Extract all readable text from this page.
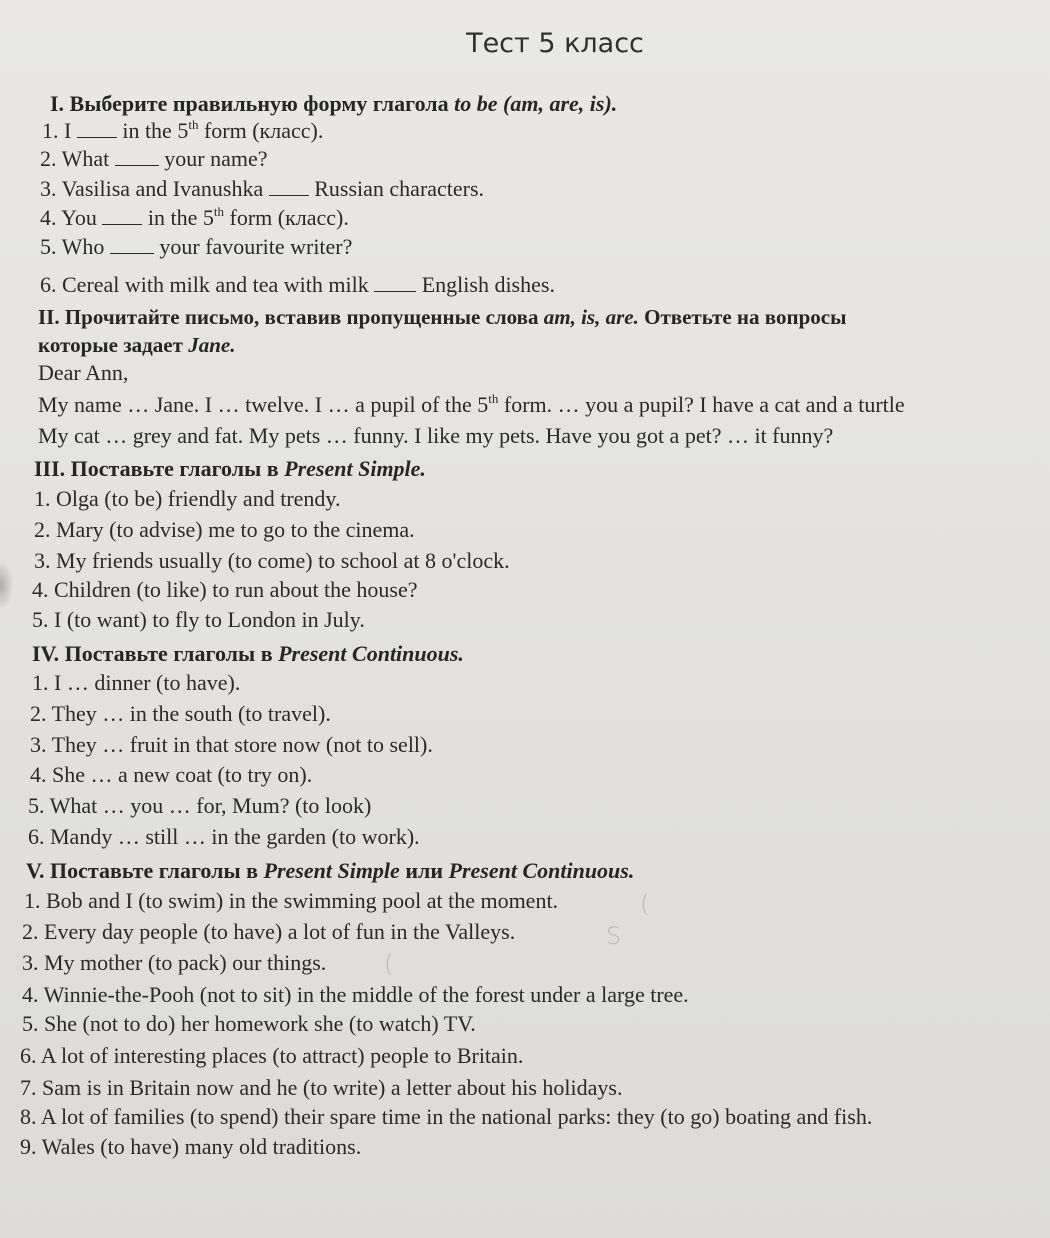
Тест 5 класс
I. Выберите правильную форму глагола to be (am, are, is).
1. I  in the 5th form (класс).
2. What  your name?
3. Vasilisa and Ivanushka  Russian characters.
4. You  in the 5th form (класс).
5. Who  your favourite writer?
6. Cereal with milk and tea with milk  English dishes.
II. Прочитайте письмо, вставив пропущенные слова am, is, are. Ответьте на вопросы
которые задает Jane.
Dear Ann,
My name … Jane. I … twelve. I … a pupil of the 5th form. … you a pupil? I have a cat and a turtle
My cat … grey and fat. My pets … funny. I like my pets. Have you got a pet? … it funny?
III. Поставьте глаголы в Present Simple.
1. Olga (to be) friendly and trendy.
2. Mary (to advise) me to go to the cinema.
3. My friends usually (to come) to school at 8 o'clock.
4. Children (to like) to run about the house?
5. I (to want) to fly to London in July.
IV. Поставьте глаголы в Present Continuous.
1. I … dinner (to have).
2. They … in the south (to travel).
3. They … fruit in that store now (not to sell).
4. She … a new coat (to try on).
5. What … you … for, Mum? (to look)
6. Mandy … still … in the garden (to work).
V. Поставьте глаголы в Present Simple или Present Continuous.
1. Bob and I (to swim) in the swimming pool at the moment.
2. Every day people (to have) a lot of fun in the Valleys.
3. My mother (to pack) our things.
4. Winnie-the-Pooh (not to sit) in the middle of the forest under a large tree.
5. She (not to do) her homework she (to watch) TV.
6. A lot of interesting places (to attract) people to Britain.
7. Sam is in Britain now and he (to write) a letter about his holidays.
8. A lot of families (to spend) their spare time in the national parks: they (to go) boating and fish.
9. Wales (to have) many old traditions.
(
S
(
